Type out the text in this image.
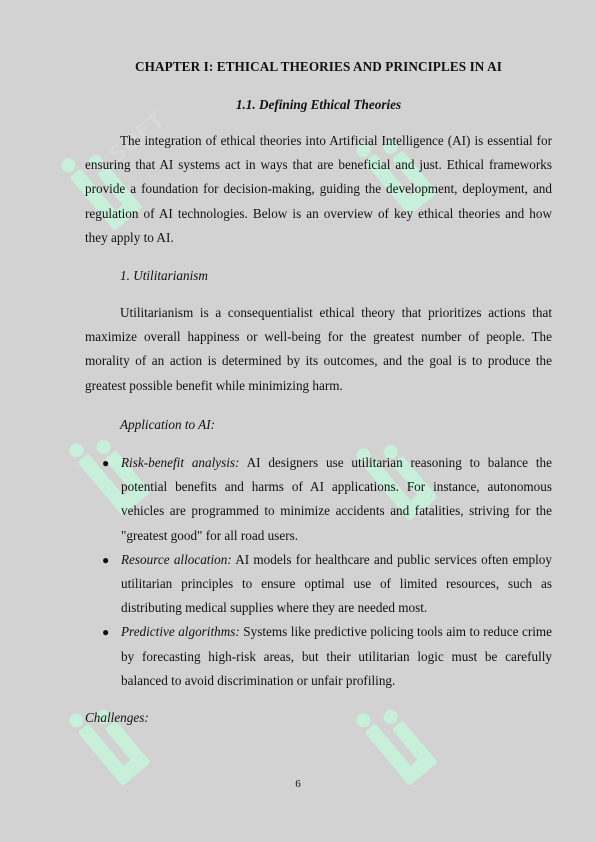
SOFT
CHAPTER I: ETHICAL THEORIES AND PRINCIPLES IN AI
1.1. Defining Ethical Theories

The integration of ethical theories into Artificial Intelligence (AI) is essential for ensuring that AI systems act in ways that are beneficial and just. Ethical frameworks provide a foundation for decision-making, guiding the development, deployment, and regulation of AI technologies. Below is an overview of key ethical theories and how they apply to AI.

1. Utilitarianism

Utilitarianism is a consequentialist ethical theory that prioritizes actions that maximize overall happiness or well-being for the greatest number of people. The morality of an action is determined by its outcomes, and the goal is to produce the greatest possible benefit while minimizing harm.

Application to AI:
● Risk-benefit analysis: AI designers use utilitarian reasoning to balance the potential benefits and harms of AI applications. For instance, autonomous vehicles are programmed to minimize accidents and fatalities, striving for the "greatest good" for all road users.
● Resource allocation: AI models for healthcare and public services often employ utilitarian principles to ensure optimal use of limited resources, such as distributing medical supplies where they are needed most.
● Predictive algorithms: Systems like predictive policing tools aim to reduce crime by forecasting high-risk areas, but their utilitarian logic must be carefully balanced to avoid discrimination or unfair profiling.
Challenges:
6
